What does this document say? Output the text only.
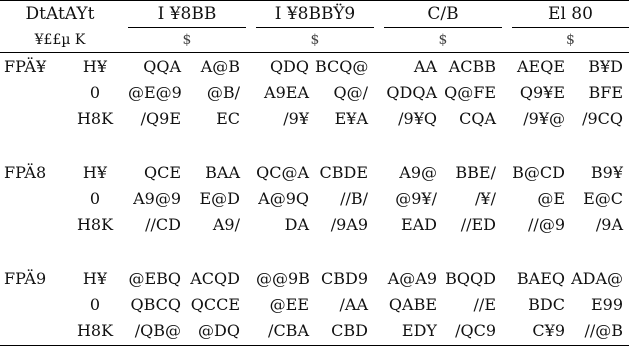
DtAtAYt			I ¥8BB			I ¥8BBŸ9			C/B			El 80	
¥££µ K			$			$			$			$	

FPÄ¥	H¥		QQA	A@B		QDQ	BCQ@		AA	ACBB		AEQE	B¥D
	0		@E@9	@B/		A9EA	Q@/		QDQA	Q@FE		Q9¥E	BFE
	H8K		/Q9E	EC		/9¥	E¥A		/9¥Q	CQA		/9¥@	/9CQ

FPÄ8	H¥		QCE	BAA		QC@A	CBDE		A9@	BBE/		B@CD	B9¥
	0		A9@9	E@D		A@9Q	//B/		@9¥/	/¥/		@E	E@C
	H8K		//CD	A9/		DA	/9A9		EAD	//ED		//@9	/9A

FPÄ9	H¥		@EBQ	ACQD		@@9B	CBD9		A@A9	BQQD		BAEQ	ADA@
	0		QBCQ	QCCE		@EE	/AA		QABE	//E		BDC	E99
	H8K		/QB@	@DQ		/CBA	CBD		EDY	/QC9		C¥9	//@B
